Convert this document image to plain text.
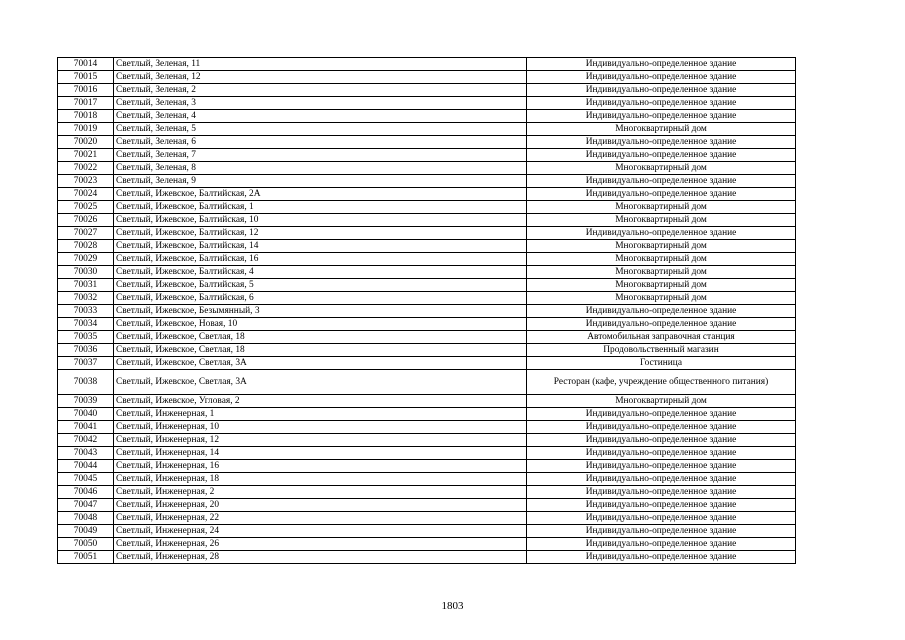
70014	Светлый, Зеленая, 11	Индивидуально-определенное здание
70015	Светлый, Зеленая, 12	Индивидуально-определенное здание
70016	Светлый, Зеленая, 2	Индивидуально-определенное здание
70017	Светлый, Зеленая, 3	Индивидуально-определенное здание
70018	Светлый, Зеленая, 4	Индивидуально-определенное здание
70019	Светлый, Зеленая, 5	Многоквартирный дом
70020	Светлый, Зеленая, 6	Индивидуально-определенное здание
70021	Светлый, Зеленая, 7	Индивидуально-определенное здание
70022	Светлый, Зеленая, 8	Многоквартирный дом
70023	Светлый, Зеленая, 9	Индивидуально-определенное здание
70024	Светлый, Ижевское, Балтийская, 2А	Индивидуально-определенное здание
70025	Светлый, Ижевское, Балтийская, 1	Многоквартирный дом
70026	Светлый, Ижевское, Балтийская, 10	Многоквартирный дом
70027	Светлый, Ижевское, Балтийская, 12	Индивидуально-определенное здание
70028	Светлый, Ижевское, Балтийская, 14	Многоквартирный дом
70029	Светлый, Ижевское, Балтийская, 16	Многоквартирный дом
70030	Светлый, Ижевское, Балтийская, 4	Многоквартирный дом
70031	Светлый, Ижевское, Балтийская, 5	Многоквартирный дом
70032	Светлый, Ижевское, Балтийская, 6	Многоквартирный дом
70033	Светлый, Ижевское, Безымянный, 3	Индивидуально-определенное здание
70034	Светлый, Ижевское, Новая, 10	Индивидуально-определенное здание
70035	Светлый, Ижевское, Светлая, 18	Автомобильная заправочная станция
70036	Светлый, Ижевское, Светлая, 18	Продовольственный магазин
70037	Светлый, Ижевское, Светлая, 3А	Гостиница
70038	Светлый, Ижевское, Светлая, 3А	Ресторан (кафе, учреждение общественного питания)
70039	Светлый, Ижевское, Угловая, 2	Многоквартирный дом
70040	Светлый, Инженерная, 1	Индивидуально-определенное здание
70041	Светлый, Инженерная, 10	Индивидуально-определенное здание
70042	Светлый, Инженерная, 12	Индивидуально-определенное здание
70043	Светлый, Инженерная, 14	Индивидуально-определенное здание
70044	Светлый, Инженерная, 16	Индивидуально-определенное здание
70045	Светлый, Инженерная, 18	Индивидуально-определенное здание
70046	Светлый, Инженерная, 2	Индивидуально-определенное здание
70047	Светлый, Инженерная, 20	Индивидуально-определенное здание
70048	Светлый, Инженерная, 22	Индивидуально-определенное здание
70049	Светлый, Инженерная, 24	Индивидуально-определенное здание
70050	Светлый, Инженерная, 26	Индивидуально-определенное здание
70051	Светлый, Инженерная, 28	Индивидуально-определенное здание
1803
